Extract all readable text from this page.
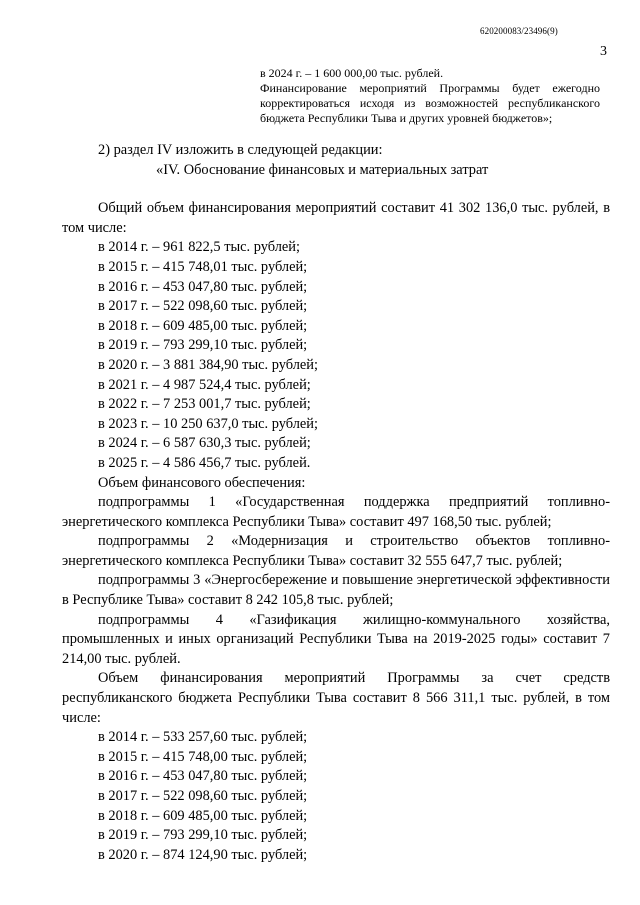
620200083/23496(9)
3

в 2024 г. – 1 600 000,00 тыс. рублей.

Финансирование мероприятий Программы будет ежегодно корректироваться исходя из возможностей республиканского бюджета Республики Тыва и других уровней бюджетов»;

2) раздел IV изложить в следующей редакции:

«IV. Обоснование финансовых и материальных затрат

Общий объем финансирования мероприятий составит 41 302 136,0 тыс. рублей, в том числе:

в 2014 г. – 961 822,5 тыс. рублей;

в 2015 г. – 415 748,01 тыс. рублей;

в 2016 г. – 453 047,80 тыс. рублей;

в 2017 г. – 522 098,60 тыс. рублей;

в 2018 г. – 609 485,00 тыс. рублей;

в 2019 г. – 793 299,10 тыс. рублей;

в 2020 г. – 3 881 384,90 тыс. рублей;

в 2021 г. – 4 987 524,4 тыс. рублей;

в 2022 г. – 7 253 001,7 тыс. рублей;

в 2023 г. – 10 250 637,0 тыс. рублей;

в 2024 г. – 6 587 630,3 тыс. рублей;

в 2025 г. – 4 586 456,7 тыс. рублей.

Объем финансового обеспечения:

подпрограммы 1 «Государственная поддержка предприятий топливно-энергетического комплекса Республики Тыва» составит 497 168,50 тыс. рублей;

подпрограммы 2 «Модернизация и строительство объектов топливно-энергетического комплекса Республики Тыва» составит 32 555 647,7 тыс. рублей;

подпрограммы 3 «Энергосбережение и повышение энергетической эффективности в Республике Тыва» составит 8 242 105,8 тыс. рублей;

подпрограммы 4 «Газификация жилищно-коммунального хозяйства, промышленных и иных организаций Республики Тыва на 2019-2025 годы» составит 7 214,00 тыс. рублей.

Объем финансирования мероприятий Программы за счет средств республиканского бюджета Республики Тыва составит 8 566 311,1 тыс. рублей, в том числе:

в 2014 г. – 533 257,60 тыс. рублей;

в 2015 г. – 415 748,00 тыс. рублей;

в 2016 г. – 453 047,80 тыс. рублей;

в 2017 г. – 522 098,60 тыс. рублей;

в 2018 г. – 609 485,00 тыс. рублей;

в 2019 г. – 793 299,10 тыс. рублей;

в 2020 г. – 874 124,90 тыс. рублей;
